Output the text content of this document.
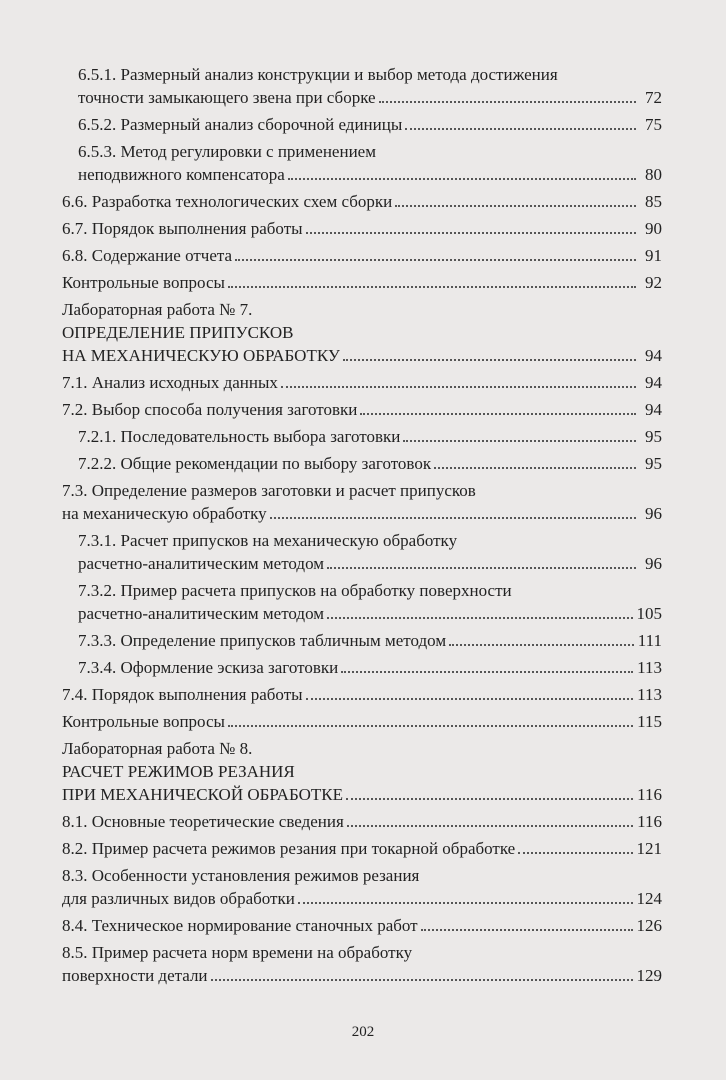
6.5.1. Размерный анализ конструкции и выбор метода достижения
точности замыкающего звена при сборке	72
6.5.2. Размерный анализ сборочной единицы	75
6.5.3. Метод регулировки с применением
неподвижного компенсатора	80
6.6. Разработка технологических схем сборки	85
6.7. Порядок выполнения работы	90
6.8. Содержание отчета	91
Контрольные вопросы	92
Лабораторная работа № 7.
ОПРЕДЕЛЕНИЕ ПРИПУСКОВ
НА МЕХАНИЧЕСКУЮ ОБРАБОТКУ	94
7.1. Анализ исходных данных	94
7.2. Выбор способа получения заготовки	94
7.2.1. Последовательность выбора заготовки	95
7.2.2. Общие рекомендации по выбору заготовок	95
7.3. Определение размеров заготовки и расчет припусков
на механическую обработку	96
7.3.1. Расчет припусков на механическую обработку
расчетно-аналитическим методом	96
7.3.2. Пример расчета припусков на обработку поверхности
расчетно-аналитическим методом	105
7.3.3. Определение припусков табличным методом	111
7.3.4. Оформление эскиза заготовки	113
7.4. Порядок выполнения работы	113
Контрольные вопросы	115
Лабораторная работа № 8.
РАСЧЕТ РЕЖИМОВ РЕЗАНИЯ
ПРИ МЕХАНИЧЕСКОЙ ОБРАБОТКЕ	116
8.1. Основные теоретические сведения	116
8.2. Пример расчета режимов резания при токарной обработке	121
8.3. Особенности установления режимов резания
для различных видов обработки	124
8.4. Техническое нормирование станочных работ	126
8.5. Пример расчета норм времени на обработку
поверхности детали	129
202
